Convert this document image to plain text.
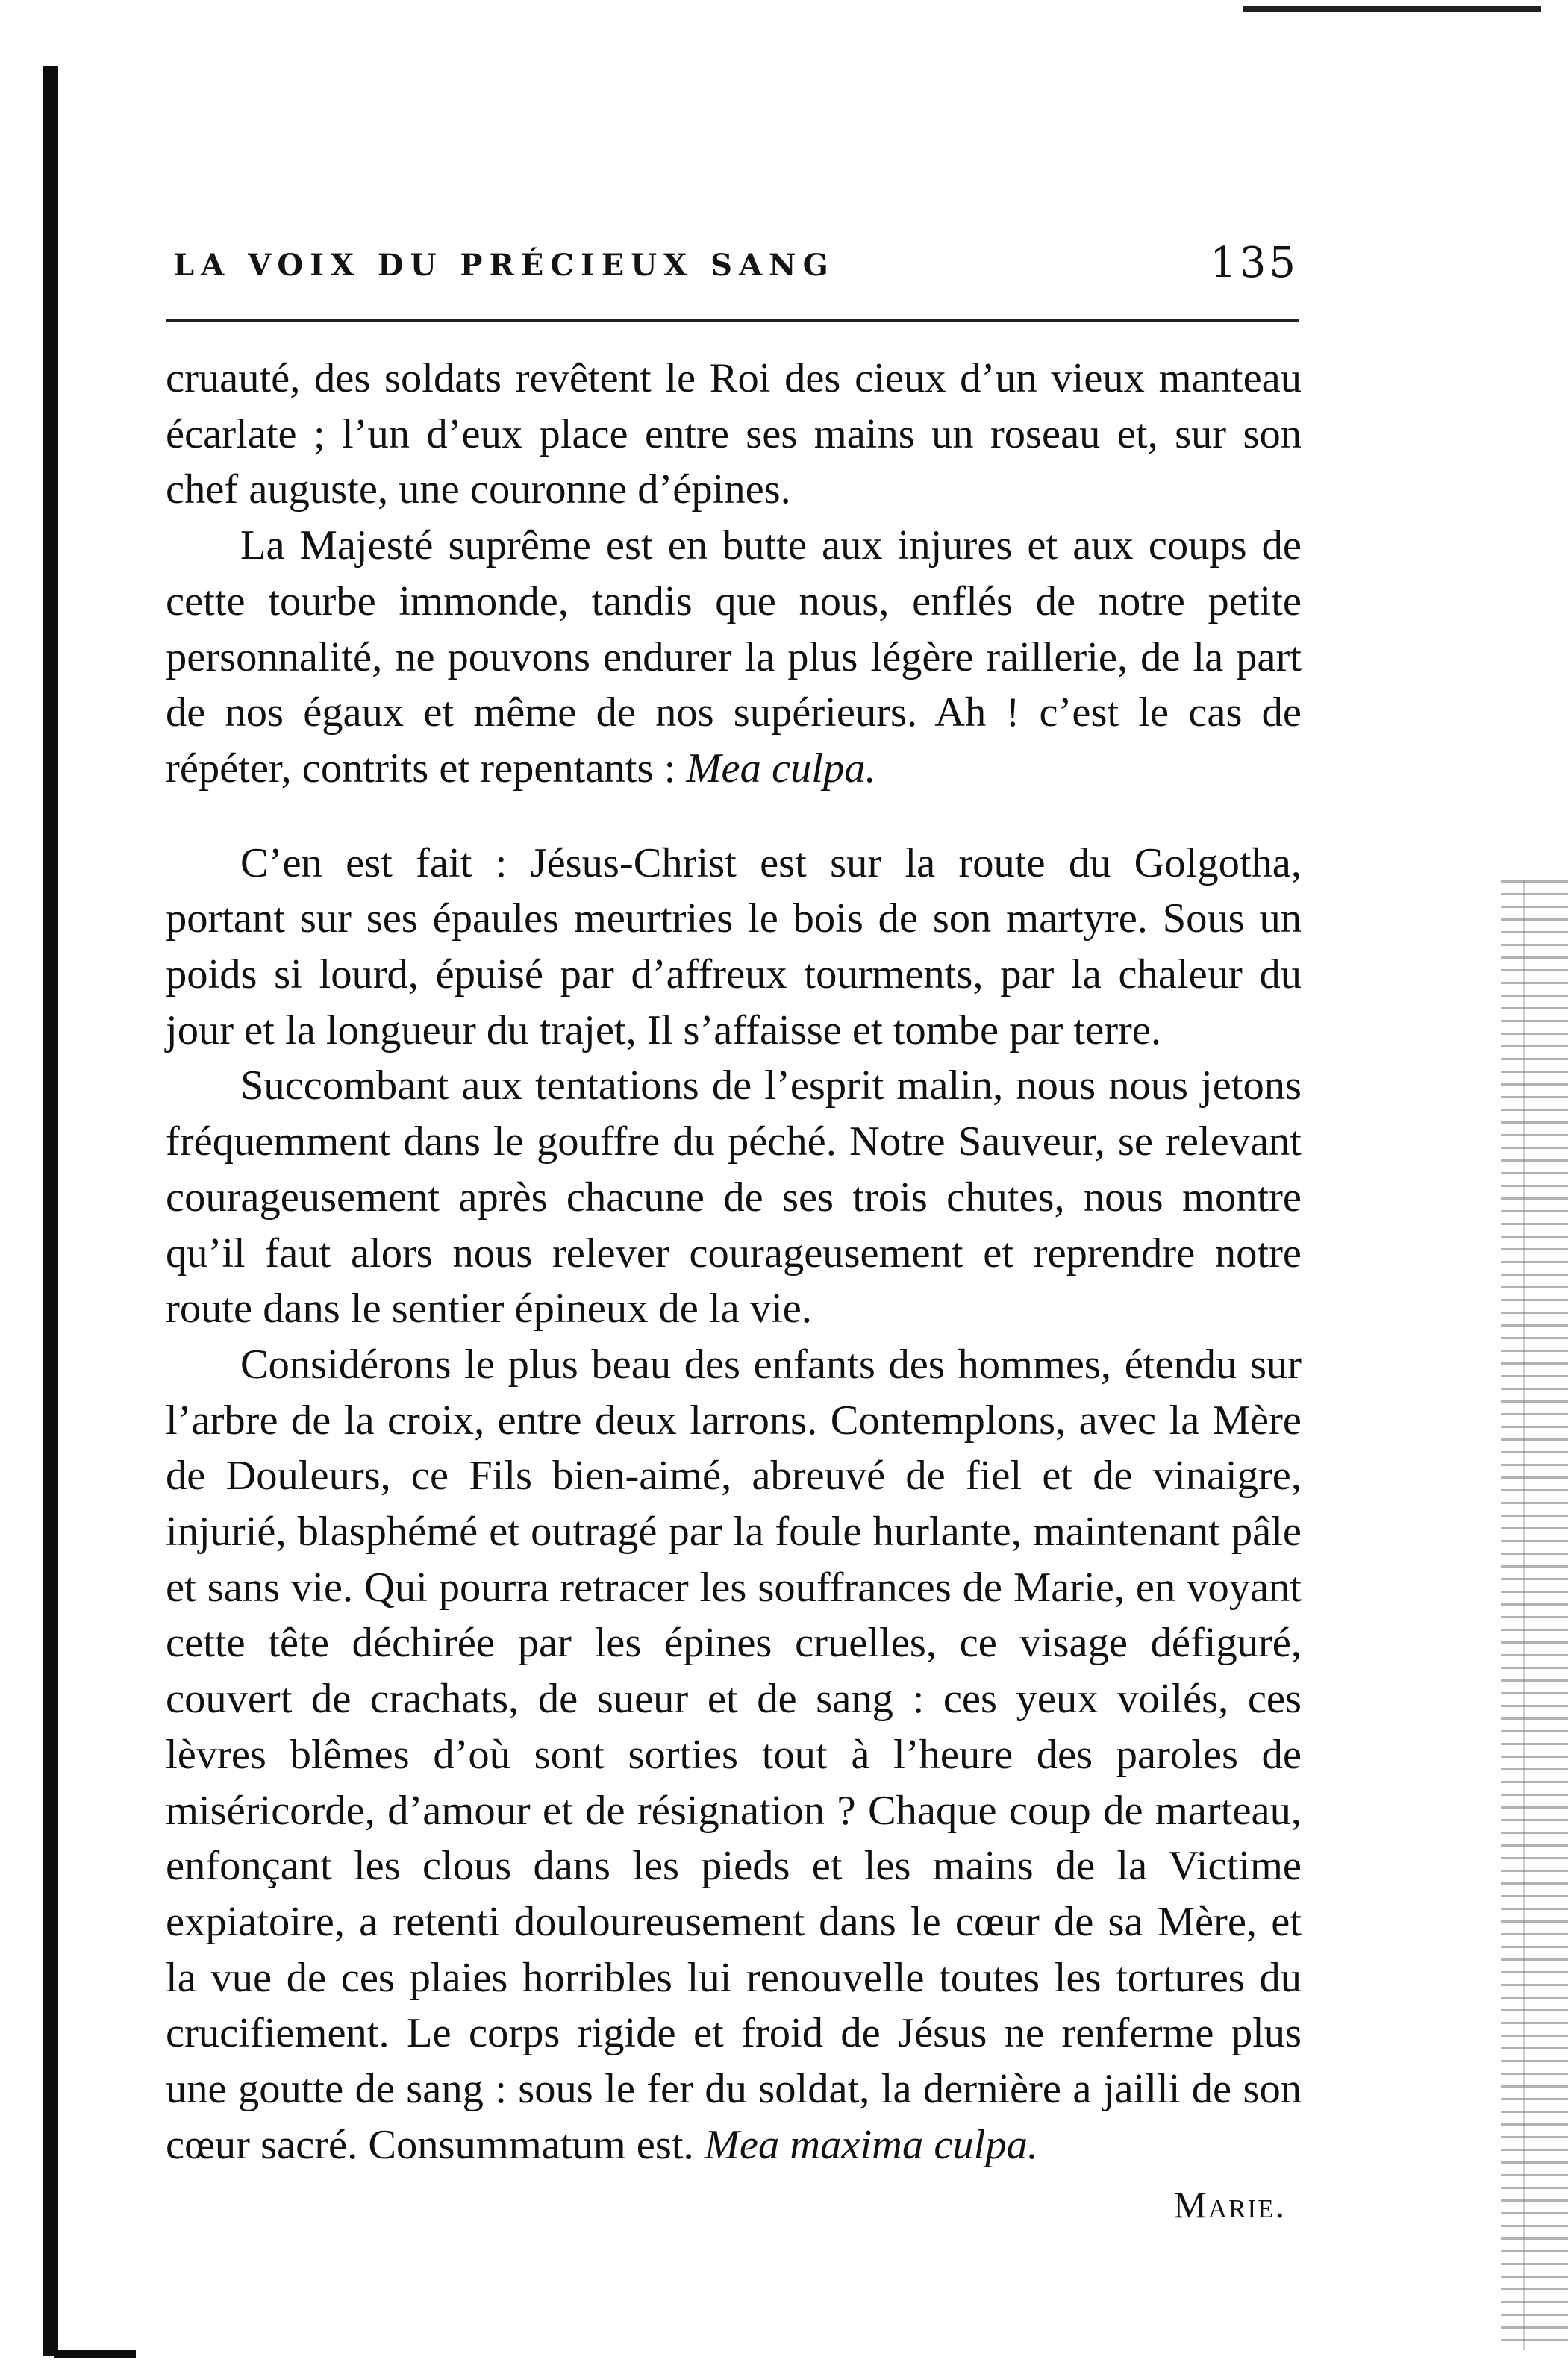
LA VOIX DU PRÉCIEUX SANG	135

cruauté, des soldats revêtent le Roi des cieux d’un vieux manteau écarlate ; l’un d’eux place entre ses mains un roseau et, sur son chef auguste, une couronne d’épines.

La Majesté suprême est en butte aux injures et aux coups de cette tourbe immonde, tandis que nous, enflés de notre petite personnalité, ne pouvons endurer la plus légère raillerie, de la part de nos égaux et même de nos supérieurs. Ah ! c’est le cas de répéter, contrits et repentants : Mea culpa.

C’en est fait : Jésus-Christ est sur la route du Golgotha, portant sur ses épaules meurtries le bois de son martyre. Sous un poids si lourd, épuisé par d’affreux tourments, par la chaleur du jour et la longueur du trajet, Il s’affaisse et tombe par terre.

Succombant aux tentations de l’esprit malin, nous nous jetons fréquemment dans le gouffre du péché. Notre Sauveur, se relevant courageusement après chacune de ses trois chutes, nous montre qu’il faut alors nous relever courageusement et reprendre notre route dans le sentier épineux de la vie.

Considérons le plus beau des enfants des hommes, étendu sur l’arbre de la croix, entre deux larrons. Contemplons, avec la Mère de Douleurs, ce Fils bien-aimé, abreuvé de fiel et de vinaigre, injurié, blasphémé et outragé par la foule hurlante, maintenant pâle et sans vie. Qui pourra retracer les souffrances de Marie, en voyant cette tête déchirée par les épines cruelles, ce visage défiguré, couvert de crachats, de sueur et de sang : ces yeux voilés, ces lèvres blêmes d’où sont sorties tout à l’heure des paroles de miséricorde, d’amour et de résignation ? Chaque coup de marteau, enfonçant les clous dans les pieds et les mains de la Victime expiatoire, a retenti douloureusement dans le cœur de sa Mère, et la vue de ces plaies horribles lui renouvelle toutes les tortures du crucifiement. Le corps rigide et froid de Jésus ne renferme plus une goutte de sang : sous le fer du soldat, la dernière a jailli de son cœur sacré. Consummatum est. Mea maxima culpa.

Marie.
